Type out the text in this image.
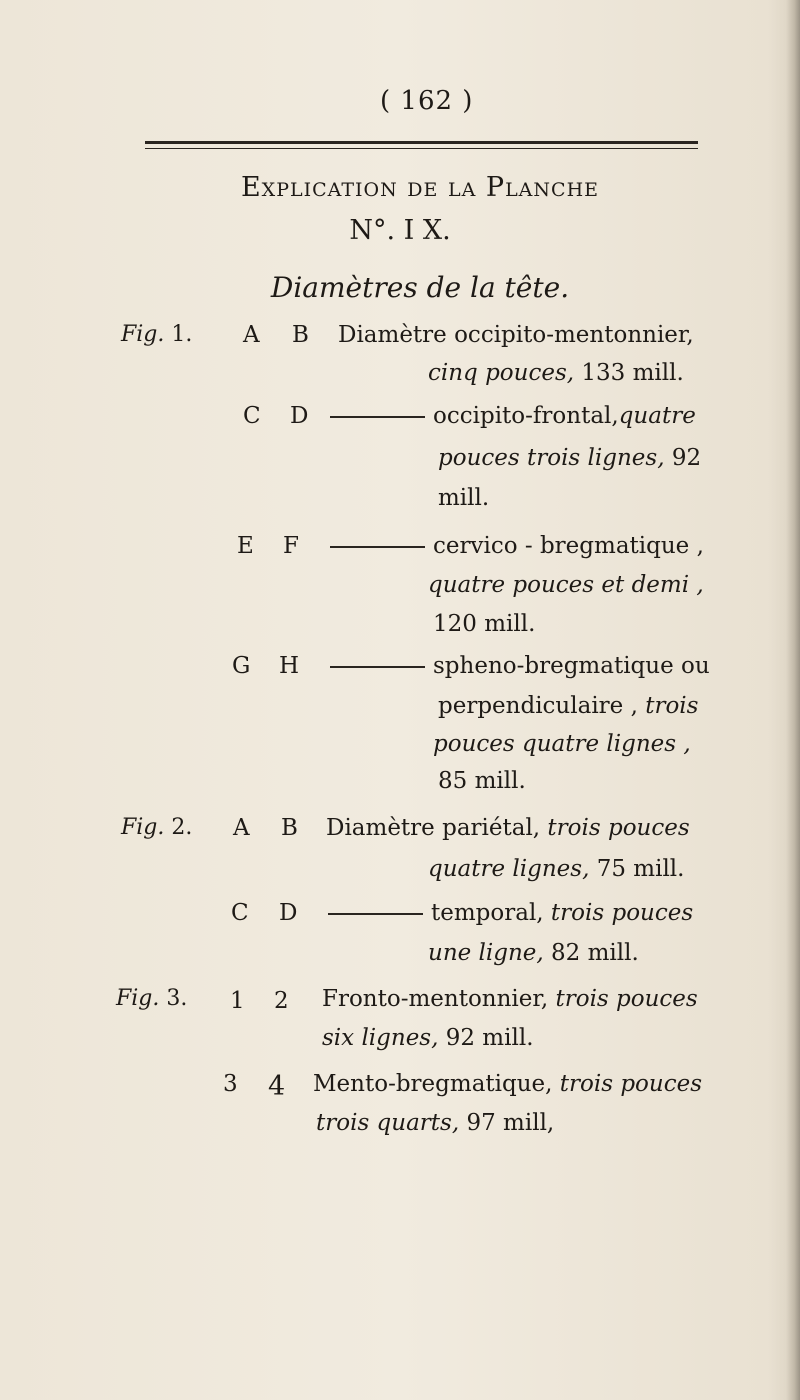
( 162 )
Explication de la Planche
N°. I X.
Diamètres de la tête.
Fig. 1. A B Diamètre occipito-mentonnier,
cinq pouces, 133 mill.
C D	occipito-frontal,quatre
pouces trois lignes, 92
mill.
E F	cervico - bregmatique ,
quatre pouces et demi ,
120 mill.
G H	spheno-bregmatique ou
perpendiculaire , trois
pouces quatre lignes ,
85 mill.
Fig. 2. A B Diamètre pariétal, trois pouces
quatre lignes, 75 mill.
C D	temporal, trois pouces
une ligne, 82 mill.
Fig. 3. 1 2 Fronto-mentonnier, trois pouces
six lignes, 92 mill.
3 4 Mento-bregmatique, trois pouces
trois quarts, 97 mill,
